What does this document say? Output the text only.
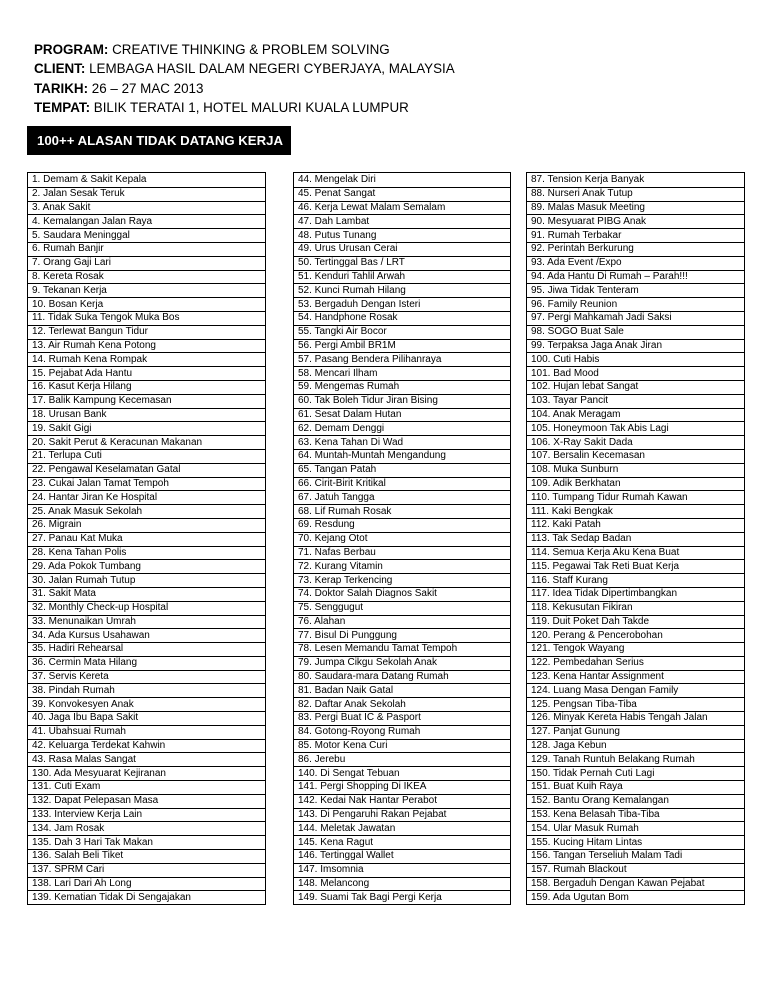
PROGRAM: CREATIVE THINKING & PROBLEM SOLVING
CLIENT: LEMBAGA HASIL DALAM NEGERI CYBERJAYA, MALAYSIA
TARIKH: 26 – 27 MAC 2013
TEMPAT: BILIK TERATAI 1, HOTEL MALURI KUALA LUMPUR
100++ ALASAN TIDAK DATANG KERJA
1. Demam & Sakit Kepala		44. Mengelak Diri		87. Tension Kerja Banyak
2. Jalan Sesak Teruk		45. Penat Sangat		88. Nurseri Anak Tutup
3. Anak Sakit		46. Kerja Lewat Malam Semalam		89. Malas Masuk Meeting
4. Kemalangan Jalan Raya		47. Dah Lambat		90. Mesyuarat PIBG Anak
5. Saudara Meninggal		48. Putus Tunang		91. Rumah Terbakar
6. Rumah Banjir		49. Urus Urusan Cerai		92. Perintah Berkurung
7. Orang Gaji Lari		50. Tertinggal Bas / LRT		93. Ada Event /Expo
8. Kereta Rosak		51. Kenduri Tahlil Arwah		94. Ada Hantu Di Rumah – Parah!!!
9. Tekanan Kerja		52. Kunci Rumah Hilang		95. Jiwa Tidak Tenteram
10. Bosan Kerja		53. Bergaduh Dengan Isteri		96. Family Reunion
11. Tidak Suka Tengok Muka Bos		54. Handphone Rosak		97. Pergi Mahkamah Jadi Saksi
12. Terlewat Bangun Tidur		55. Tangki Air Bocor		98. SOGO Buat Sale
13. Air Rumah Kena Potong		56. Pergi Ambil BR1M		99. Terpaksa Jaga Anak Jiran
14. Rumah Kena Rompak		57. Pasang Bendera Pilihanraya		100. Cuti Habis
15. Pejabat Ada Hantu		58. Mencari Ilham		101. Bad Mood
16. Kasut Kerja Hilang		59. Mengemas Rumah		102. Hujan lebat Sangat
17. Balik Kampung Kecemasan		60. Tak Boleh Tidur Jiran Bising		103. Tayar Pancit
18. Urusan Bank		61. Sesat Dalam Hutan		104. Anak Meragam
19. Sakit Gigi		62. Demam Denggi		105. Honeymoon Tak Abis Lagi
20. Sakit Perut & Keracunan Makanan		63. Kena Tahan Di Wad		106. X-Ray Sakit Dada
21. Terlupa Cuti		64. Muntah-Muntah Mengandung		107. Bersalin Kecemasan
22. Pengawal Keselamatan Gatal		65. Tangan Patah		108. Muka Sunburn
23. Cukai Jalan Tamat Tempoh		66. Cirit-Birit Kritikal		109. Adik Berkhatan
24. Hantar Jiran Ke Hospital		67. Jatuh Tangga		110. Tumpang Tidur Rumah Kawan
25. Anak Masuk Sekolah		68. Lif Rumah Rosak		111. Kaki Bengkak
26. Migrain		69. Resdung		112. Kaki Patah
27. Panau Kat Muka		70. Kejang Otot		113. Tak Sedap Badan
28. Kena Tahan Polis		71. Nafas Berbau		114. Semua Kerja Aku Kena Buat
29. Ada Pokok Tumbang		72. Kurang Vitamin		115. Pegawai Tak Reti Buat Kerja
30. Jalan Rumah Tutup		73. Kerap Terkencing		116. Staff Kurang
31. Sakit Mata		74. Doktor Salah Diagnos Sakit		117. Idea Tidak Dipertimbangkan
32. Monthly Check-up Hospital		75. Senggugut		118. Kekusutan Fikiran
33. Menunaikan Umrah		76. Alahan		119. Duit Poket Dah Takde
34. Ada Kursus Usahawan		77. Bisul Di Punggung		120. Perang & Pencerobohan
35. Hadiri Rehearsal		78. Lesen Memandu Tamat Tempoh		121. Tengok Wayang
36. Cermin Mata Hilang		79. Jumpa Cikgu Sekolah Anak		122. Pembedahan Serius
37. Servis Kereta		80. Saudara-mara Datang Rumah		123. Kena Hantar Assignment
38. Pindah Rumah		81. Badan Naik Gatal		124. Luang Masa Dengan Family
39. Konvokesyen Anak		82. Daftar Anak Sekolah		125. Pengsan Tiba-Tiba
40. Jaga Ibu Bapa Sakit		83. Pergi Buat IC & Pasport		126. Minyak Kereta Habis Tengah Jalan
41. Ubahsuai Rumah		84. Gotong-Royong Rumah		127. Panjat Gunung
42. Keluarga Terdekat Kahwin		85. Motor Kena Curi		128. Jaga Kebun
43. Rasa Malas Sangat		86. Jerebu		129. Tanah Runtuh Belakang Rumah
130. Ada Mesyuarat Kejiranan		140. Di Sengat Tebuan		150. Tidak Pernah Cuti Lagi
131. Cuti Exam		141. Pergi Shopping Di IKEA		151. Buat Kuih Raya
132. Dapat Pelepasan Masa		142. Kedai Nak Hantar Perabot		152. Bantu Orang Kemalangan
133. Interview Kerja Lain		143. Di Pengaruhi Rakan Pejabat		153. Kena Belasah Tiba-Tiba
134. Jam Rosak		144. Meletak Jawatan		154. Ular Masuk Rumah
135. Dah 3 Hari Tak Makan		145. Kena Ragut		155. Kucing Hitam Lintas
136. Salah Beli Tiket		146. Tertinggal Wallet		156. Tangan Terseliuh Malam Tadi
137. SPRM Cari		147. Imsomnia		157. Rumah Blackout
138. Lari Dari Ah Long		148. Melancong		158. Bergaduh Dengan Kawan Pejabat
139. Kematian Tidak Di Sengajakan		149. Suami Tak Bagi Pergi Kerja		159. Ada Ugutan Bom
